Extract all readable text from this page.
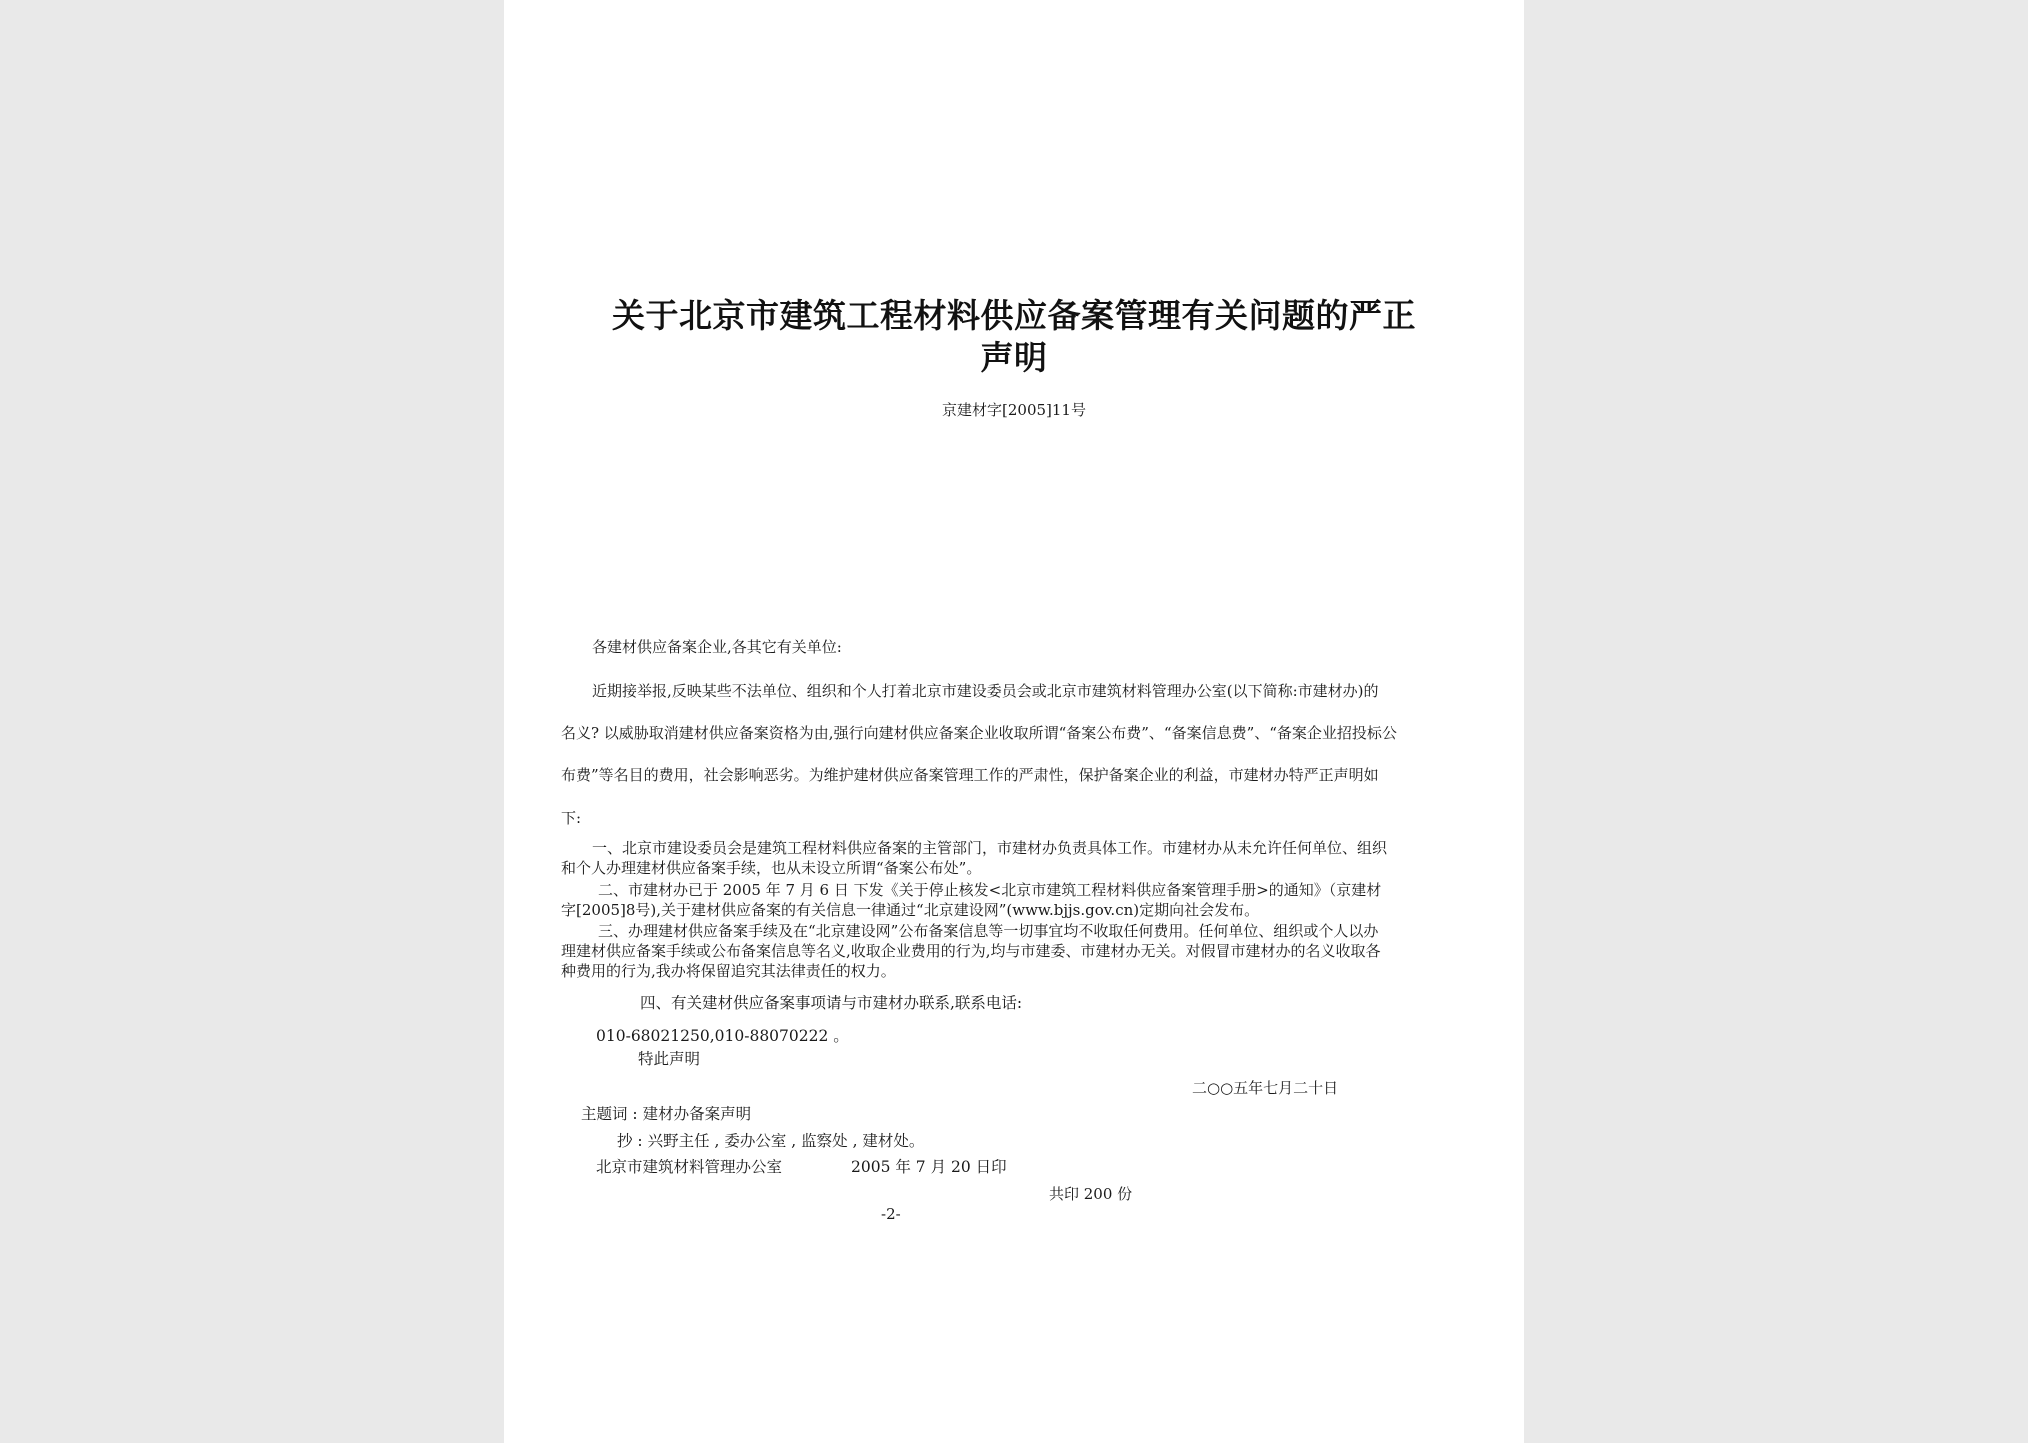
关于北京市建筑工程材料供应备案管理有关问题的严正
声明
京建材字[2005]11号
各建材供应备案企业,各其它有关单位:
近期接举报,反映某些不法单位、组织和个人打着北京市建设委员会或北京市建筑材料管理办公室(以下简称:市建材办)的
名义? 以威胁取消建材供应备案资格为由,强行向建材供应备案企业收取所谓“备案公布费”、“备案信息费”、“备案企业招投标公
布费”等名目的费用，社会影响恶劣。为维护建材供应备案管理工作的严肃性，保护备案企业的利益，市建材办特严正声明如
下:
一、北京市建设委员会是建筑工程材料供应备案的主管部门，市建材办负责具体工作。市建材办从未允许任何单位、组织
和个人办理建材供应备案手续，也从未设立所谓“备案公布处”。
二、市建材办已于 2005 年 7 月 6 日 下发《关于停止核发<北京市建筑工程材料供应备案管理手册>的通知》（京建材
字[2005]8号),关于建材供应备案的有关信息一律通过“北京建设网”(www.bjjs.gov.cn)定期向社会发布。
三、办理建材供应备案手续及在“北京建设网”公布备案信息等一切事宜均不收取任何费用。任何单位、组织或个人以办
理建材供应备案手续或公布备案信息等名义,收取企业费用的行为,均与市建委、市建材办无关。对假冒市建材办的名义收取各
种费用的行为,我办将保留追究其法律责任的权力。
四、有关建材供应备案事项请与市建材办联系,联系电话:
010-68021250,010-88070222 。
特此声明
二○○五年七月二十日
主题词 : 建材办备案声明
抄 : 兴野主任 , 委办公室 , 监察处 , 建材处。
北京市建筑材料管理办公室	2005 年 7 月 20 日印
共印 200 份
-2-
